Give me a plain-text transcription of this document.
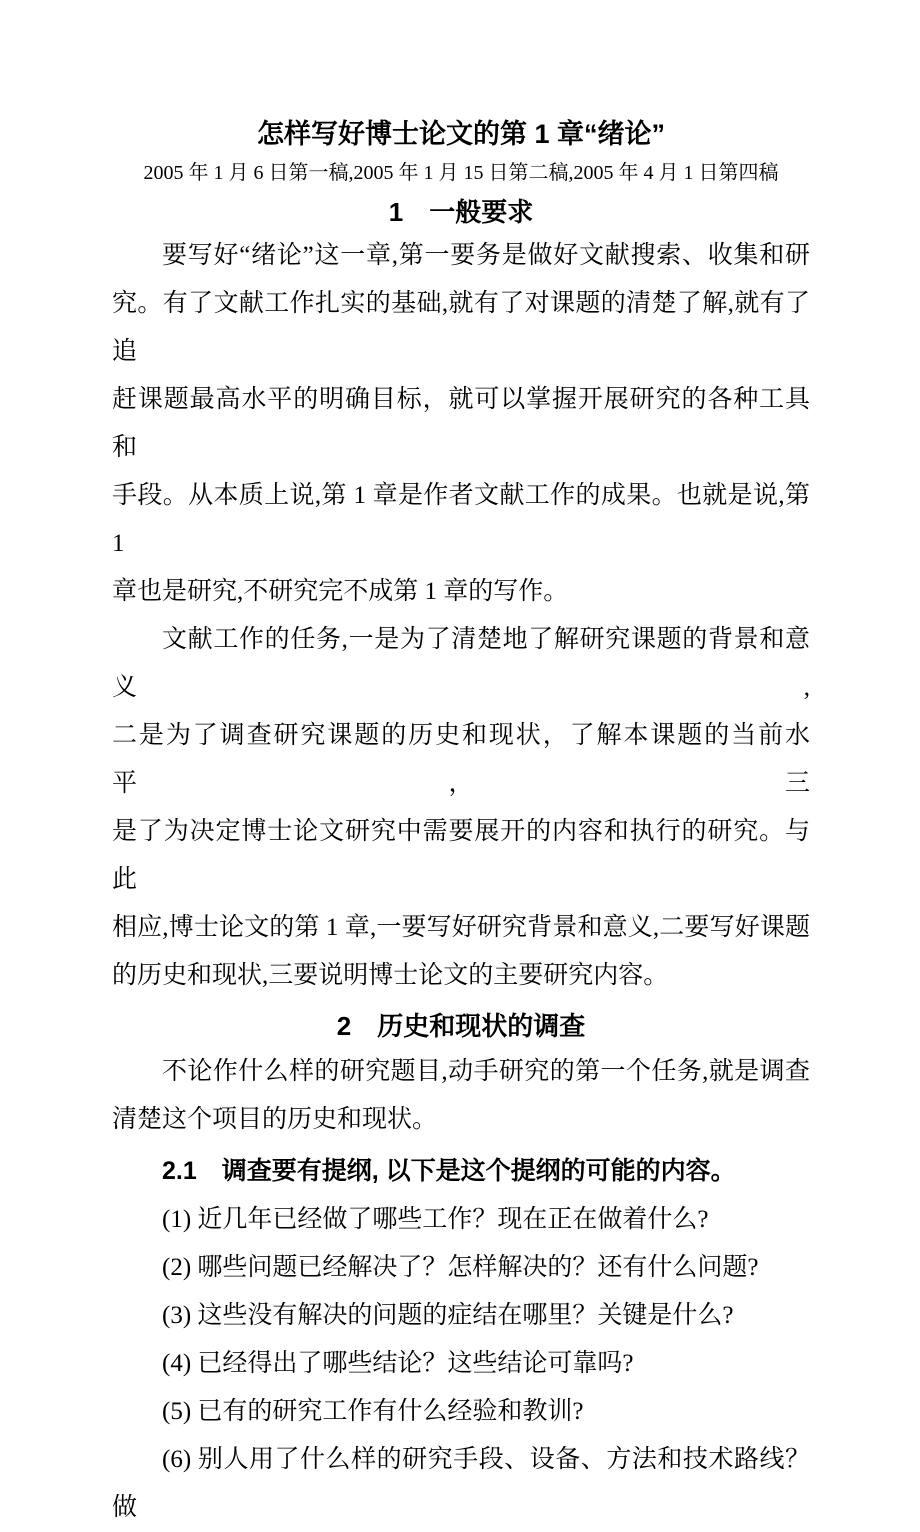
怎样写好博士论文的第 1 章“绪论”
2005 年 1 月 6 日第一稿,2005 年 1 月 15 日第二稿,2005 年 4 月 1 日第四稿
1　一般要求
要写好“绪论”这一章,第一要务是做好文献搜索、收集和研
究。有了文献工作扎实的基础,就有了对课题的清楚了解,就有了追
赶课题最高水平的明确目标，就可以掌握开展研究的各种工具和
手段。从本质上说,第 1 章是作者文献工作的成果。也就是说,第 1
章也是研究,不研究完不成第 1 章的写作。
文献工作的任务,一是为了清楚地了解研究课题的背景和意义,
二是为了调查研究课题的历史和现状，了解本课题的当前水平，三
是了为决定博士论文研究中需要展开的内容和执行的研究。与此
相应,博士论文的第 1 章,一要写好研究背景和意义,二要写好课题
的历史和现状,三要说明博士论文的主要研究内容。
2　历史和现状的调查
不论作什么样的研究题目,动手研究的第一个任务,就是调查
清楚这个项目的历史和现状。
2.1　调查要有提纲, 以下是这个提纲的可能的内容。
(1) 近几年已经做了哪些工作？现在正在做着什么?
(2) 哪些问题已经解决了？怎样解决的？还有什么问题?
(3) 这些没有解决的问题的症结在哪里？关键是什么?
(4) 已经得出了哪些结论？这些结论可靠吗?
(5) 已有的研究工作有什么经验和教训?
(6) 别人用了什么样的研究手段、设备、方法和技术路线？做
